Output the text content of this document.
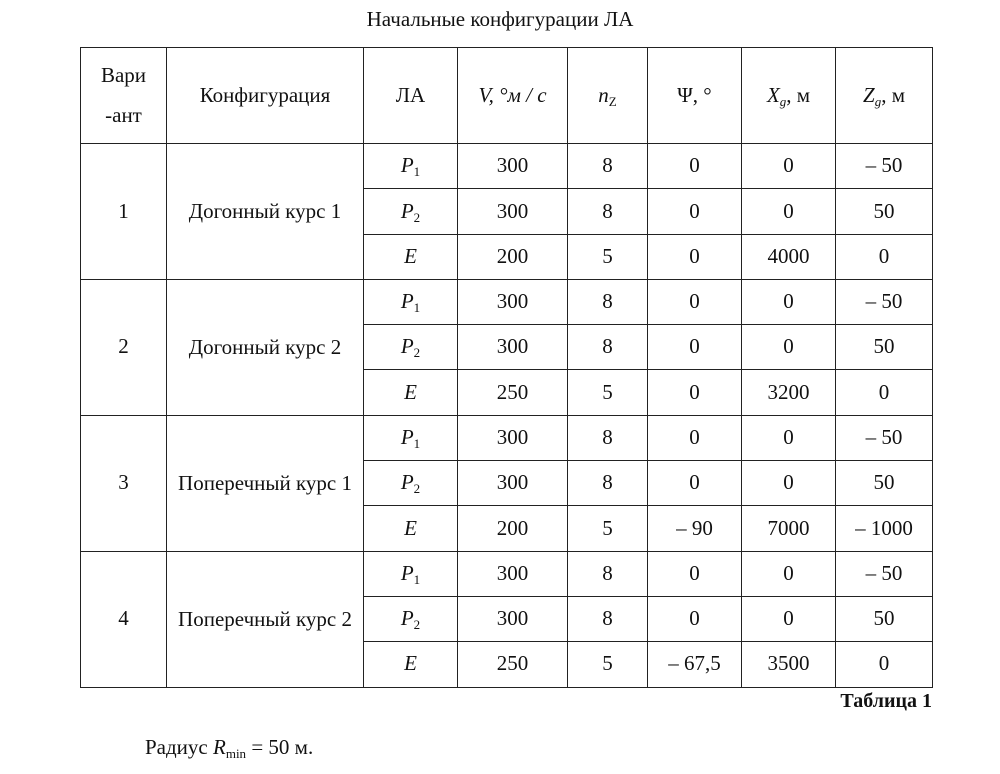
Начальные конфигурации ЛА
Вари -ант	Конфигурация	ЛА	V, °м / с	$n_Z$	Ψ, °	$X_g$, м	$Z_g$, м
1	Догонный курс 1	$P_1$	300	8	0	0	– 50
		$P_2$	300	8	0	0	50
		E	200	5	0	4000	0
2	Догонный курс 2	$P_1$	300	8	0	0	– 50
		$P_2$	300	8	0	0	50
		E	250	5	0	3200	0
3	Поперечный курс 1	$P_1$	300	8	0	0	– 50
		$P_2$	300	8	0	0	50
		E	200	5	– 90	7000	– 1000
4	Поперечный курс 2	$P_1$	300	8	0	0	– 50
		$P_2$	300	8	0	0	50
		E	250	5	– 67,5	3500	0
Таблица 1
Радиус $R_{min} = 50$ м.
